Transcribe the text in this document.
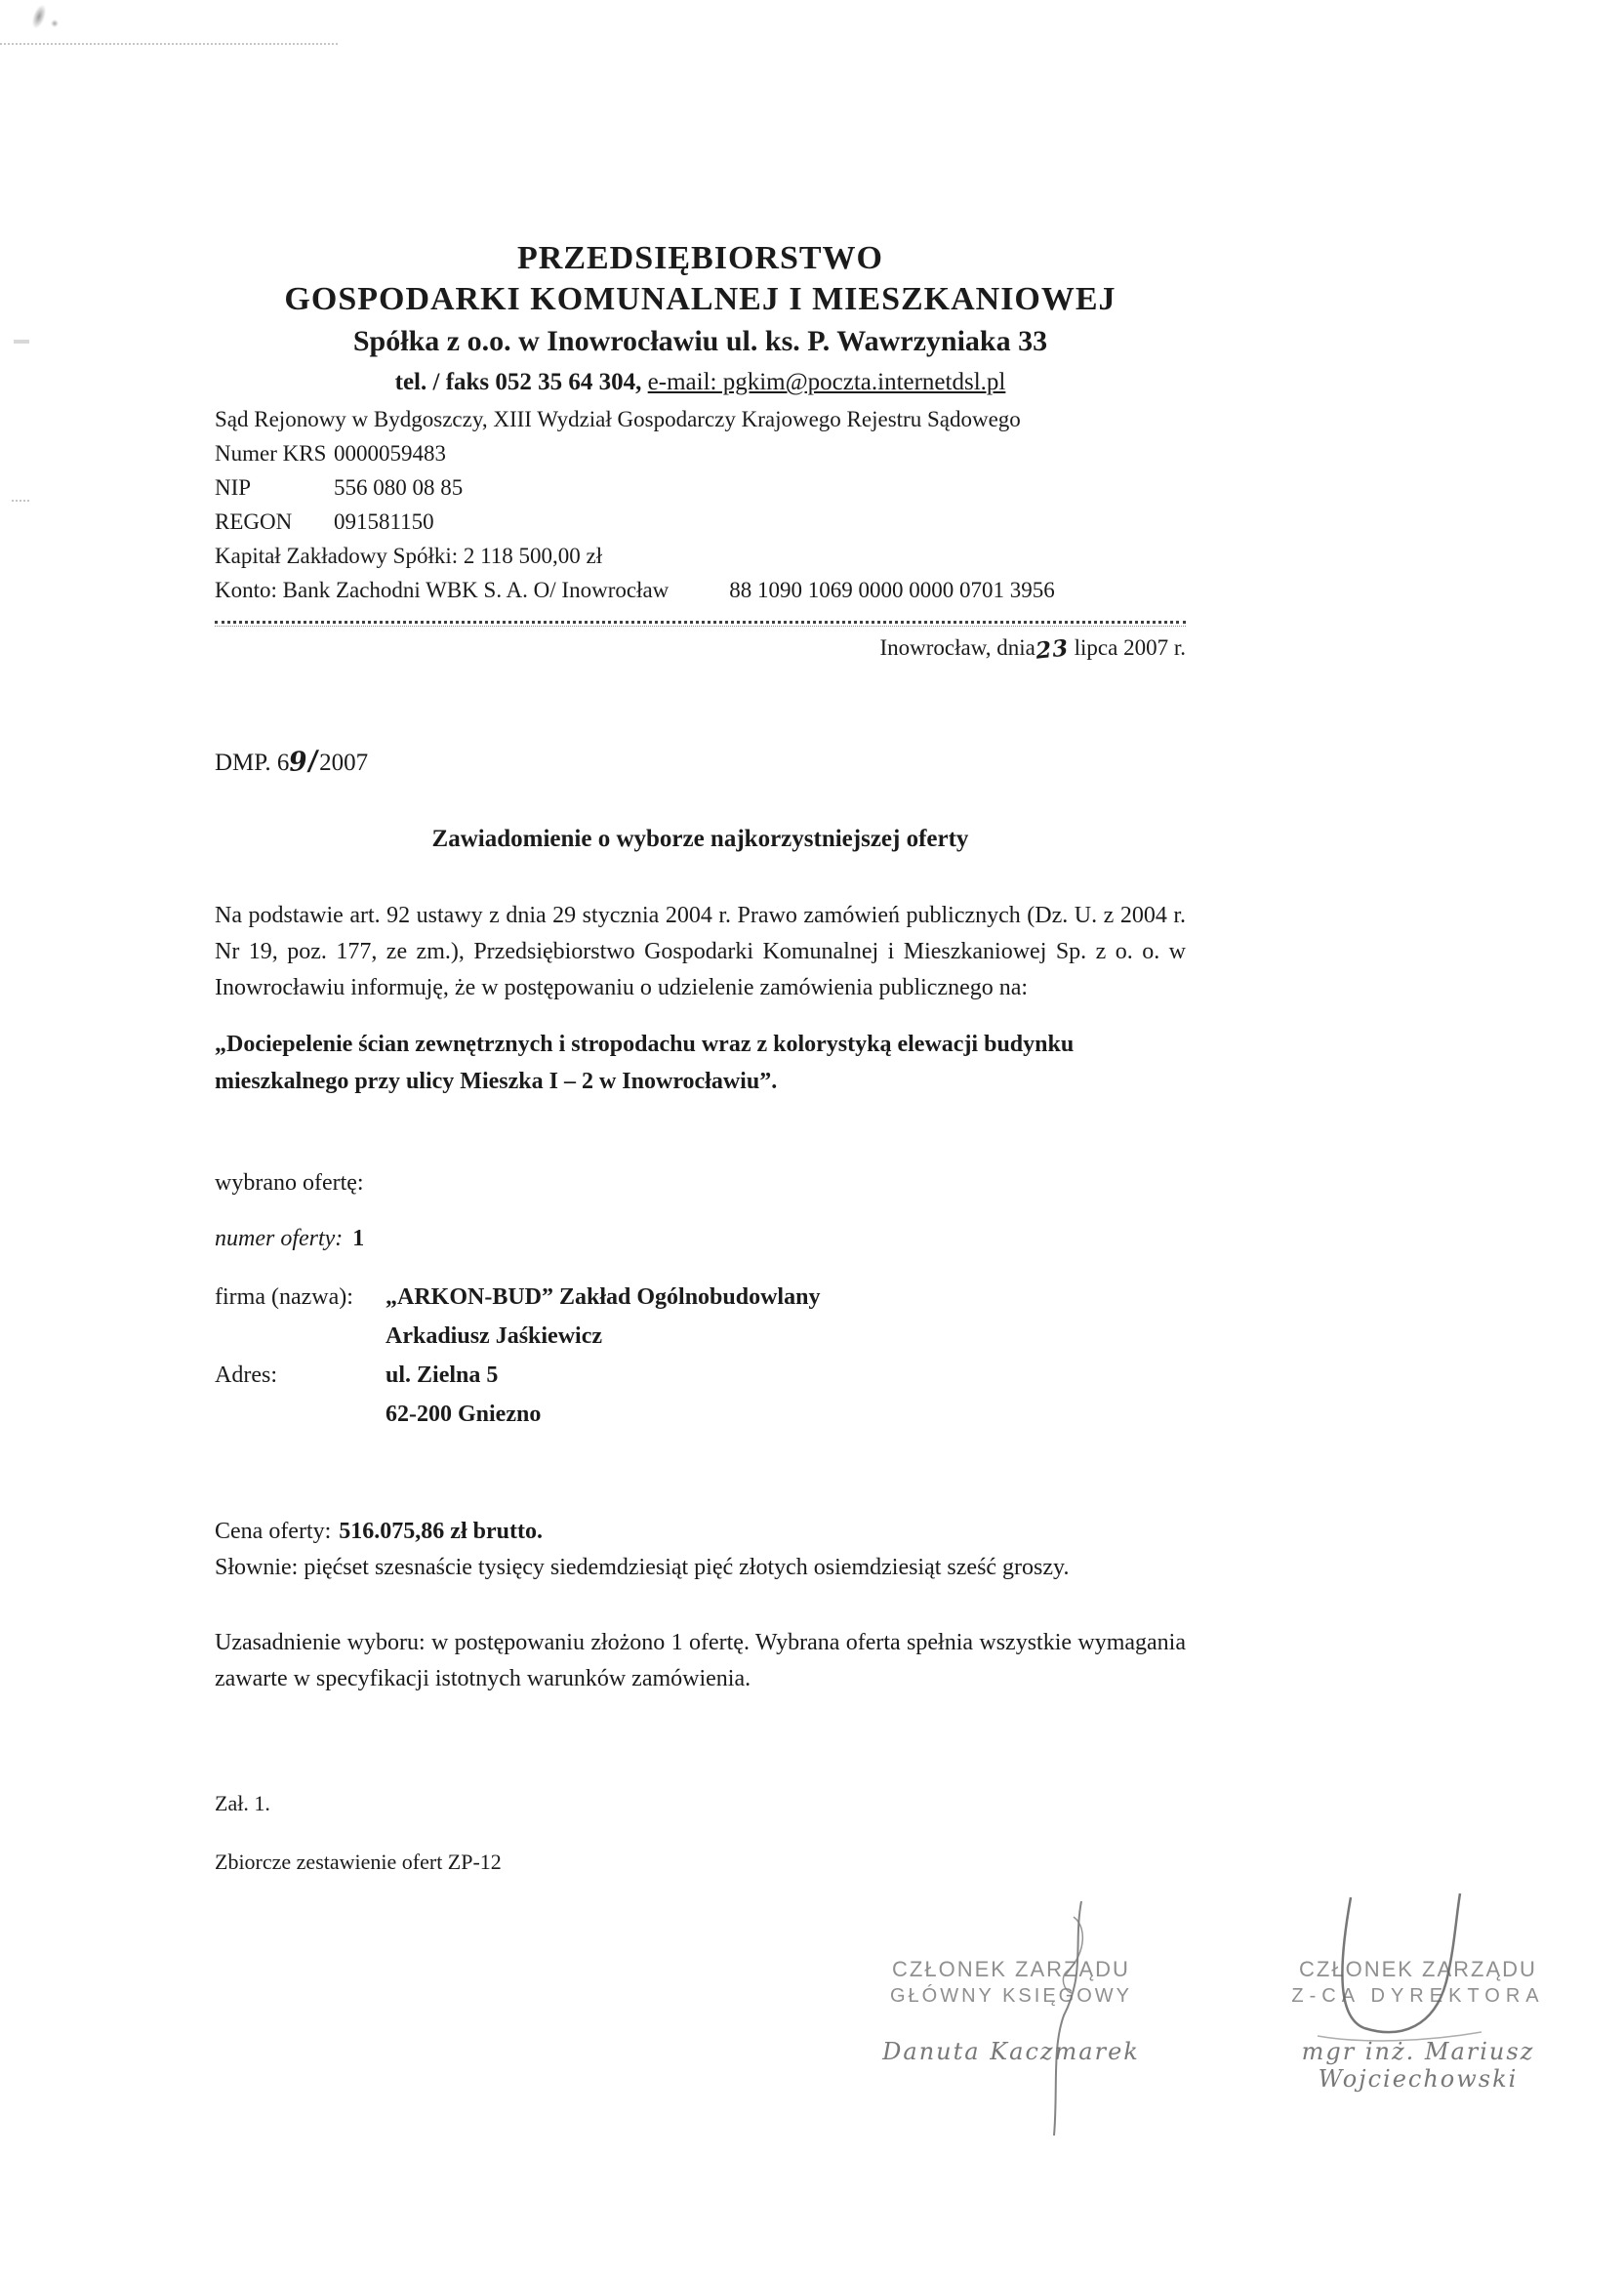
PRZEDSIĘBIORSTWO
GOSPODARKI KOMUNALNEJ I MIESZKANIOWEJ
Spółka z o.o. w Inowrocławiu ul. ks. P. Wawrzyniaka 33
tel. / faks 052 35 64 304, e-mail: pgkim@poczta.internetdsl.pl
Sąd Rejonowy w Bydgoszczy, XIII Wydział Gospodarczy Krajowego Rejestru Sądowego
Numer KRS 0000059483
NIP	556 080 08 85
REGON 091581150
Kapitał Zakładowy Spółki: 2 118 500,00 zł
Konto: Bank Zachodni WBK S. A. O/ Inowrocław	88 1090 1069 0000 0000 0701 3956
Inowrocław, dnia23 lipca 2007 r.
DMP. 69/2007
Zawiadomienie o wyborze najkorzystniejszej oferty

Na podstawie art. 92 ustawy z dnia 29 stycznia 2004 r. Prawo zamówień publicznych (Dz. U. z 2004 r. Nr 19, poz. 177, ze zm.), Przedsiębiorstwo Gospodarki Komunalnej i Mieszkaniowej Sp. z o. o. w Inowrocławiu informuję, że w postępowaniu o udzielenie zamówienia publicznego na:

„Dociepelenie ścian zewnętrznych i stropodachu wraz z kolorystyką elewacji budynku mieszkalnego przy ulicy Mieszka I – 2 w Inowrocławiu”.

wybrano ofertę:

numer oferty: 1

firma (nazwa): „ARKON-BUD” Zakład Ogólnobudowlany
Arkadiusz Jaśkiewicz
Adres:	ul. Zielna 5
62-200 Gniezno

Cena oferty: 516.075,86 zł brutto.

Słownie: pięćset szesnaście tysięcy siedemdziesiąt pięć złotych osiemdziesiąt sześć groszy.

Uzasadnienie wyboru: w postępowaniu złożono 1 ofertę. Wybrana oferta spełnia wszystkie wymagania zawarte w specyfikacji istotnych warunków zamówienia.

Zał. 1.

Zbiorcze zestawienie ofert ZP-12

CZŁONEK ZARZĄDU
GŁÓWNY KSIĘGOWY
Danuta Kaczmarek
CZŁONEK ZARZĄDU
Z-CA DYREKTORA
mgr inż. Mariusz Wojciechowski
